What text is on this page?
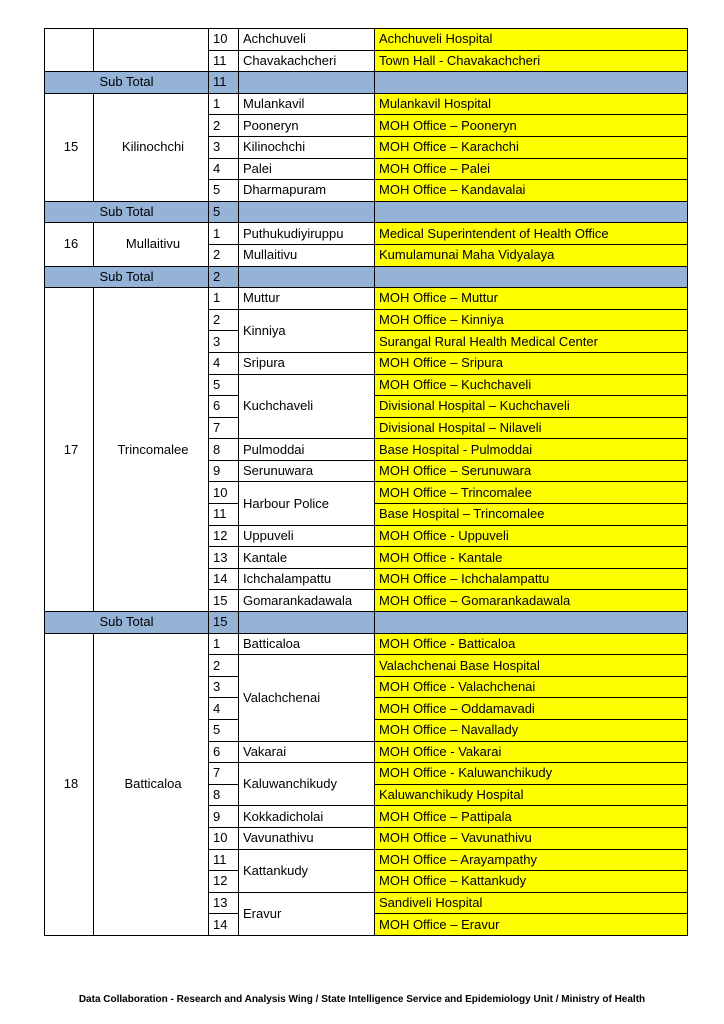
		10	Achchuveli	Achchuveli Hospital
		11	Chavakachcheri	Town Hall - Chavakachcheri
Sub Total		11		
15	Kilinochchi	1	Mulankavil	Mulankavil Hospital
		2	Pooneryn	MOH Office – Pooneryn
		3	Kilinochchi	MOH Office – Karachchi
		4	Palei	MOH Office – Palei
		5	Dharmapuram	MOH Office – Kandavalai
Sub Total		5		
16	Mullaitivu	1	Puthukudiyiruppu	Medical Superintendent of Health Office
		2	Mullaitivu	Kumulamunai Maha Vidyalaya
Sub Total		2		
17	Trincomalee	1	Muttur	MOH Office – Muttur
		2	Kinniya	MOH Office – Kinniya
		3		Surangal Rural Health Medical Center
		4	Sripura	MOH Office – Sripura
		5	Kuchchaveli	MOH Office – Kuchchaveli
		6		Divisional Hospital – Kuchchaveli
		7		Divisional Hospital – Nilaveli
		8	Pulmoddai	Base Hospital - Pulmoddai
		9	Serunuwara	MOH Office – Serunuwara
		10	Harbour Police	MOH Office – Trincomalee
		11		Base Hospital – Trincomalee
		12	Uppuveli	MOH Office - Uppuveli
		13	Kantale	MOH Office - Kantale
		14	Ichchalampattu	MOH Office – Ichchalampattu
		15	Gomarankadawala	MOH Office – Gomarankadawala
Sub Total		15		
18	Batticaloa	1	Batticaloa	MOH Office - Batticaloa
		2	Valachchenai	Valachchenai Base Hospital
		3		MOH Office - Valachchenai
		4		MOH Office – Oddamavadi
		5		MOH Office – Navallady
		6	Vakarai	MOH Office - Vakarai
		7	Kaluwanchikudy	MOH Office - Kaluwanchikudy
		8		Kaluwanchikudy Hospital
		9	Kokkadicholai	MOH Office – Pattipala
		10	Vavunathivu	MOH Office – Vavunathivu
		11	Kattankudy	MOH Office – Arayampathy
		12		MOH Office – Kattankudy
		13	Eravur	Sandiveli Hospital
		14		MOH Office – Eravur
Data Collaboration - Research and Analysis Wing / State Intelligence Service and Epidemiology Unit / Ministry of Health
